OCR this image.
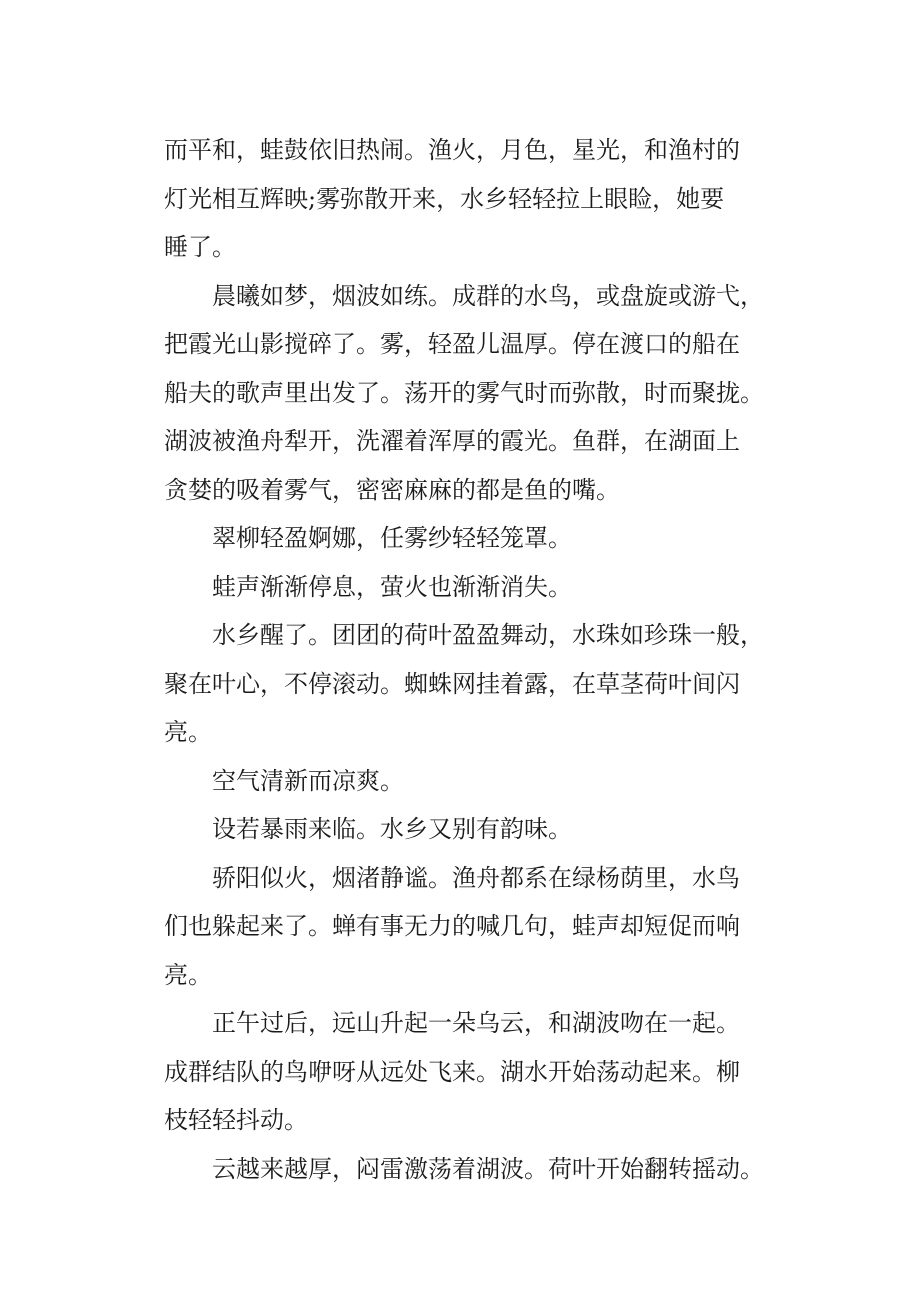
而平和，蛙鼓依旧热闹。渔火，月色，星光，和渔村的
灯光相互辉映;雾弥散开来，水乡轻轻拉上眼睑，她要
睡了。
晨曦如梦，烟波如练。成群的水鸟，或盘旋或游弋，
把霞光山影搅碎了。雾，轻盈儿温厚。停在渡口的船在
船夫的歌声里出发了。荡开的雾气时而弥散，时而聚拢。
湖波被渔舟犁开，洗濯着浑厚的霞光。鱼群，在湖面上
贪婪的吸着雾气，密密麻麻的都是鱼的嘴。
翠柳轻盈婀娜，任雾纱轻轻笼罩。
蛙声渐渐停息，萤火也渐渐消失。
水乡醒了。团团的荷叶盈盈舞动，水珠如珍珠一般，
聚在叶心，不停滚动。蜘蛛网挂着露，在草茎荷叶间闪
亮。
空气清新而凉爽。
设若暴雨来临。水乡又别有韵味。
骄阳似火，烟渚静谧。渔舟都系在绿杨荫里，水鸟
们也躲起来了。蝉有事无力的喊几句，蛙声却短促而响
亮。
正午过后，远山升起一朵乌云，和湖波吻在一起。
成群结队的鸟咿呀从远处飞来。湖水开始荡动起来。柳
枝轻轻抖动。
云越来越厚，闷雷激荡着湖波。荷叶开始翻转摇动。
